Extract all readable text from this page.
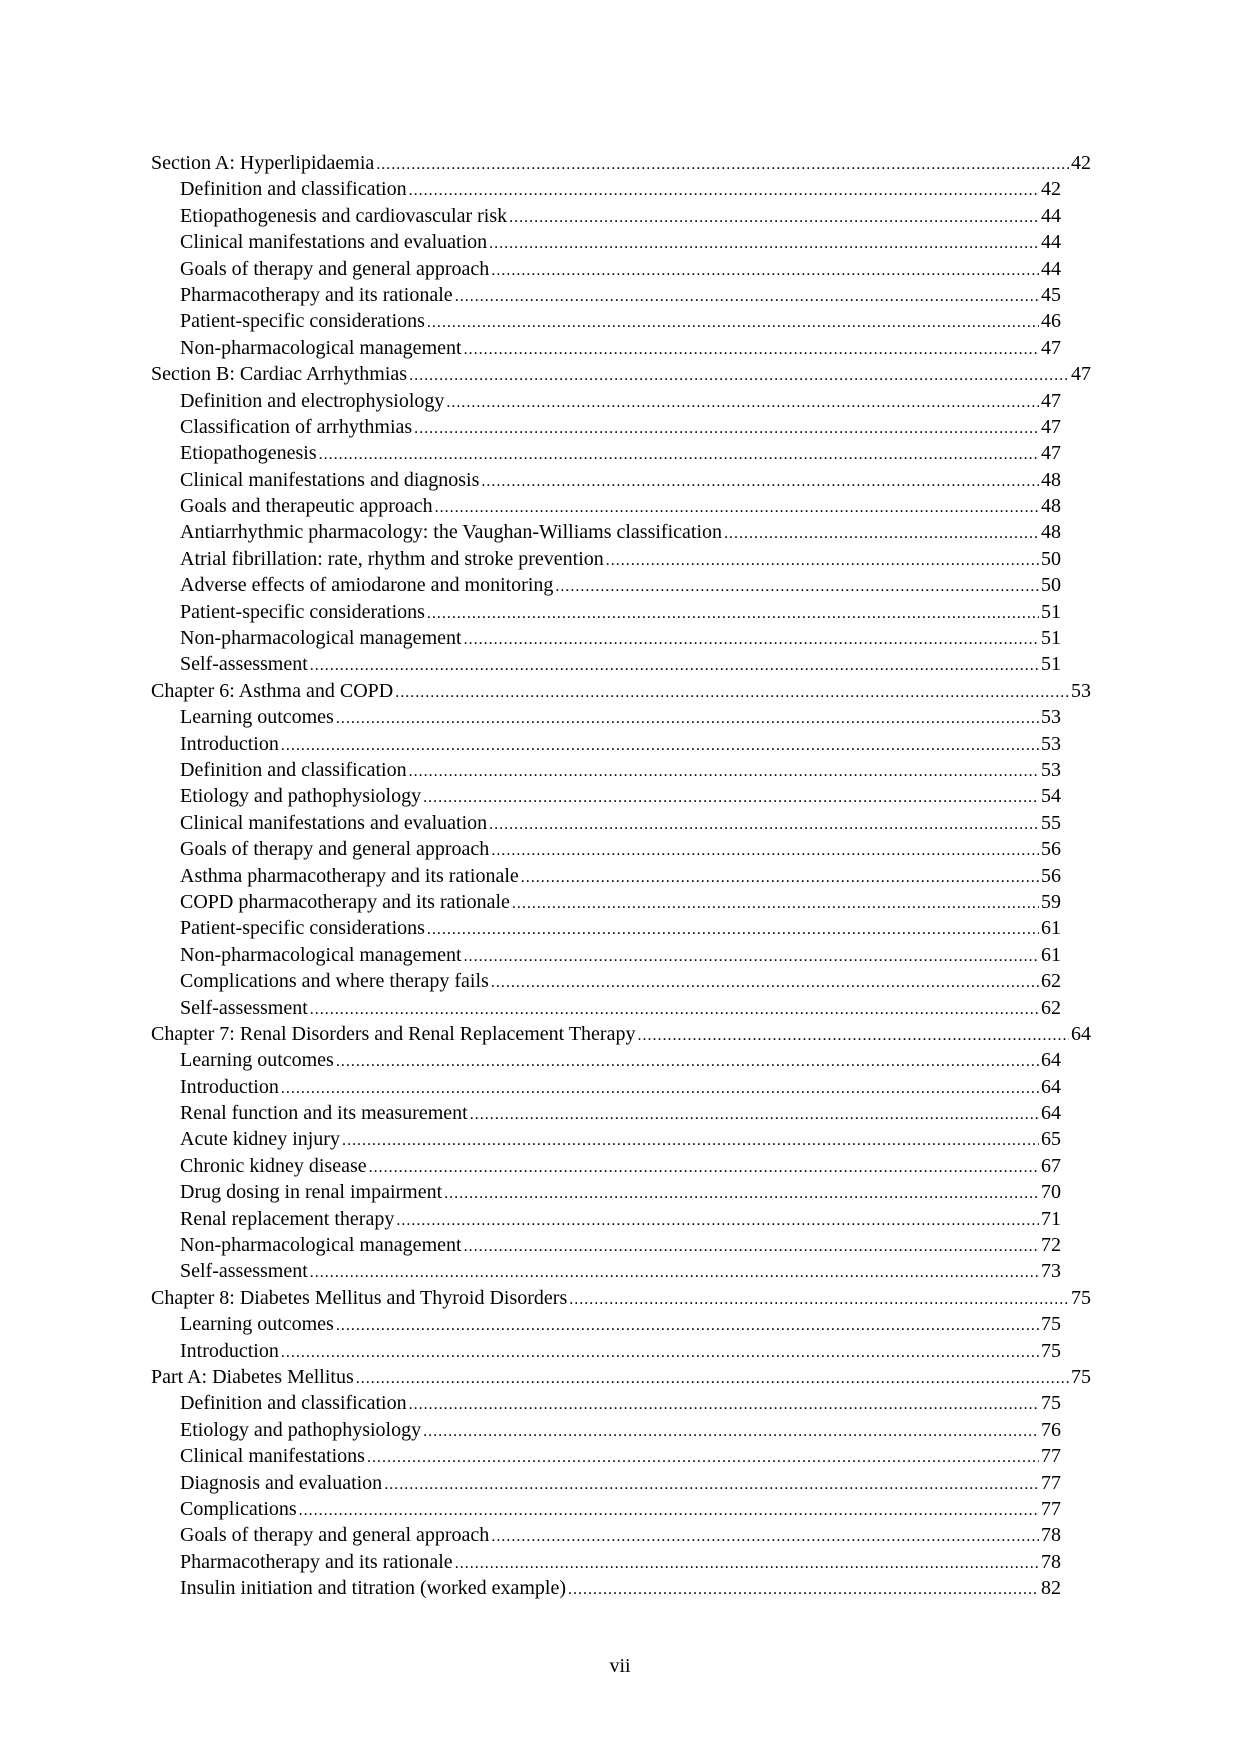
Section A: Hyperlipidaemia .....	42
Definition and classification .....	42
Etiopathogenesis and cardiovascular risk .....	44
Clinical manifestations and evaluation .....	44
Goals of therapy and general approach .....	44
Pharmacotherapy and its rationale .....	45
Patient-specific considerations .....	46
Non-pharmacological management .....	47
Section B: Cardiac Arrhythmias .....	47
Definition and electrophysiology .....	47
Classification of arrhythmias .....	47
Etiopathogenesis .....	47
Clinical manifestations and diagnosis .....	48
Goals and therapeutic approach .....	48
Antiarrhythmic pharmacology: the Vaughan-Williams classification .....	48
Atrial fibrillation: rate, rhythm and stroke prevention .....	50
Adverse effects of amiodarone and monitoring .....	50
Patient-specific considerations .....	51
Non-pharmacological management .....	51
Self-assessment .....	51
Chapter 6: Asthma and COPD .....	53
Learning outcomes .....	53
Introduction .....	53
Definition and classification .....	53
Etiology and pathophysiology .....	54
Clinical manifestations and evaluation .....	55
Goals of therapy and general approach .....	56
Asthma pharmacotherapy and its rationale .....	56
COPD pharmacotherapy and its rationale .....	59
Patient-specific considerations .....	61
Non-pharmacological management .....	61
Complications and where therapy fails .....	62
Self-assessment .....	62
Chapter 7: Renal Disorders and Renal Replacement Therapy .....	64
Learning outcomes .....	64
Introduction .....	64
Renal function and its measurement .....	64
Acute kidney injury .....	65
Chronic kidney disease .....	67
Drug dosing in renal impairment .....	70
Renal replacement therapy .....	71
Non-pharmacological management .....	72
Self-assessment .....	73
Chapter 8: Diabetes Mellitus and Thyroid Disorders .....	75
Learning outcomes .....	75
Introduction .....	75
Part A: Diabetes Mellitus .....	75
Definition and classification .....	75
Etiology and pathophysiology .....	76
Clinical manifestations .....	77
Diagnosis and evaluation .....	77
Complications .....	77
Goals of therapy and general approach .....	78
Pharmacotherapy and its rationale .....	78
Insulin initiation and titration (worked example) .....	82
vii
